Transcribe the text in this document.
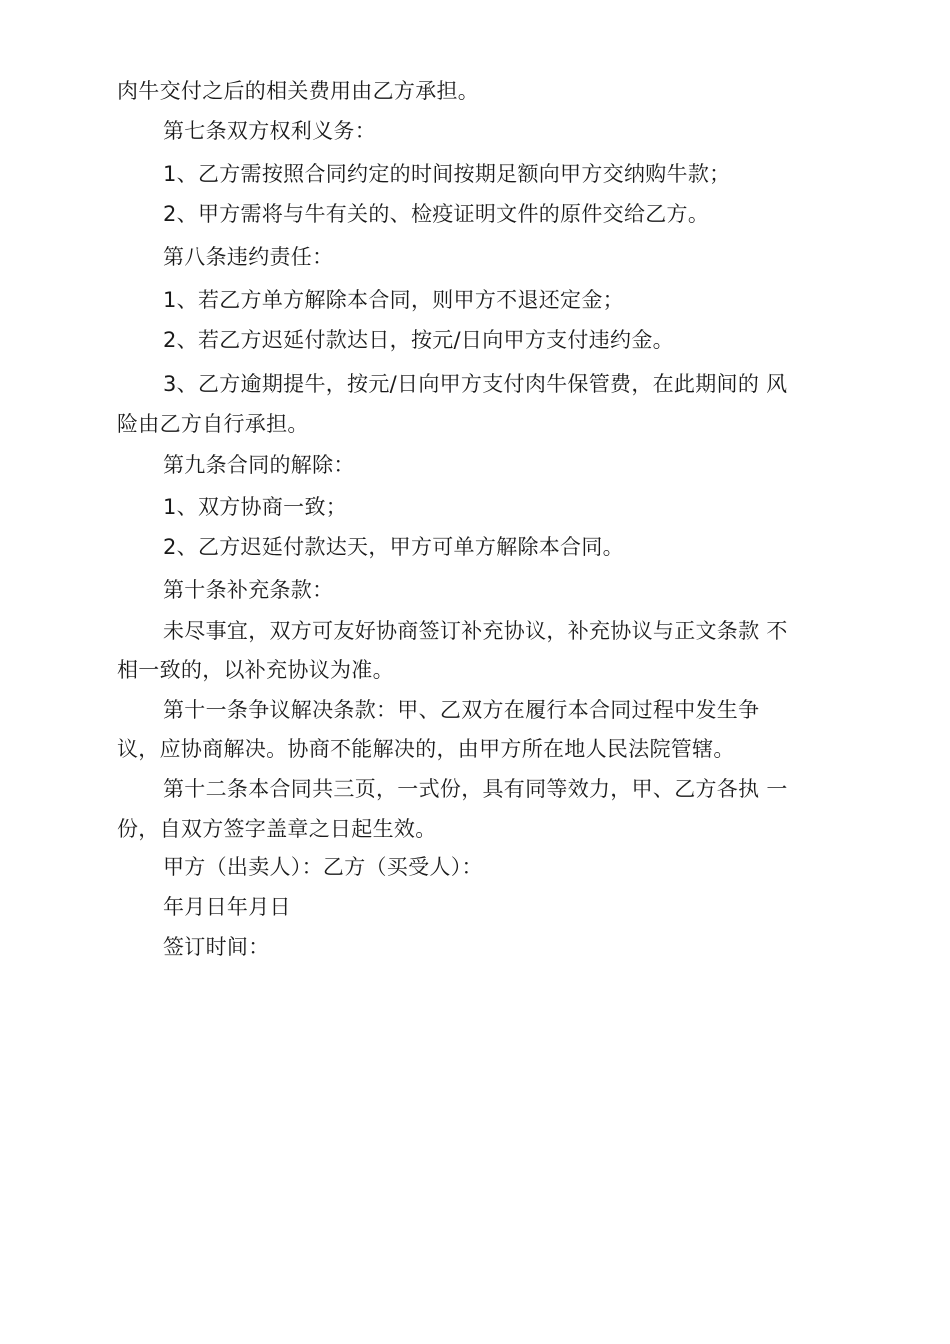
肉牛交付之后的相关费用由乙方承担。
第七条双方权利义务：
1、乙方需按照合同约定的时间按期足额向甲方交纳购牛款；
2、甲方需将与牛有关的、检疫证明文件的原件交给乙方。
第八条违约责任：
1、若乙方单方解除本合同，则甲方不退还定金；
2、若乙方迟延付款达日，按元/日向甲方支付违约金。
3、乙方逾期提牛，按元/日向甲方支付肉牛保管费，在此期间的 风
险由乙方自行承担。
第九条合同的解除：
1、双方协商一致；
2、乙方迟延付款达天，甲方可单方解除本合同。
第十条补充条款：
未尽事宜，双方可友好协商签订补充协议，补充协议与正文条款 不
相一致的，以补充协议为准。
第十一条争议解决条款：甲、乙双方在履行本合同过程中发生争
议，应协商解决。协商不能解决的，由甲方所在地人民法院管辖。
第十二条本合同共三页，一式份，具有同等效力，甲、乙方各执 一
份，自双方签字盖章之日起生效。
甲方（出卖人）：乙方（买受人）：
年月日年月日
签订时间：
